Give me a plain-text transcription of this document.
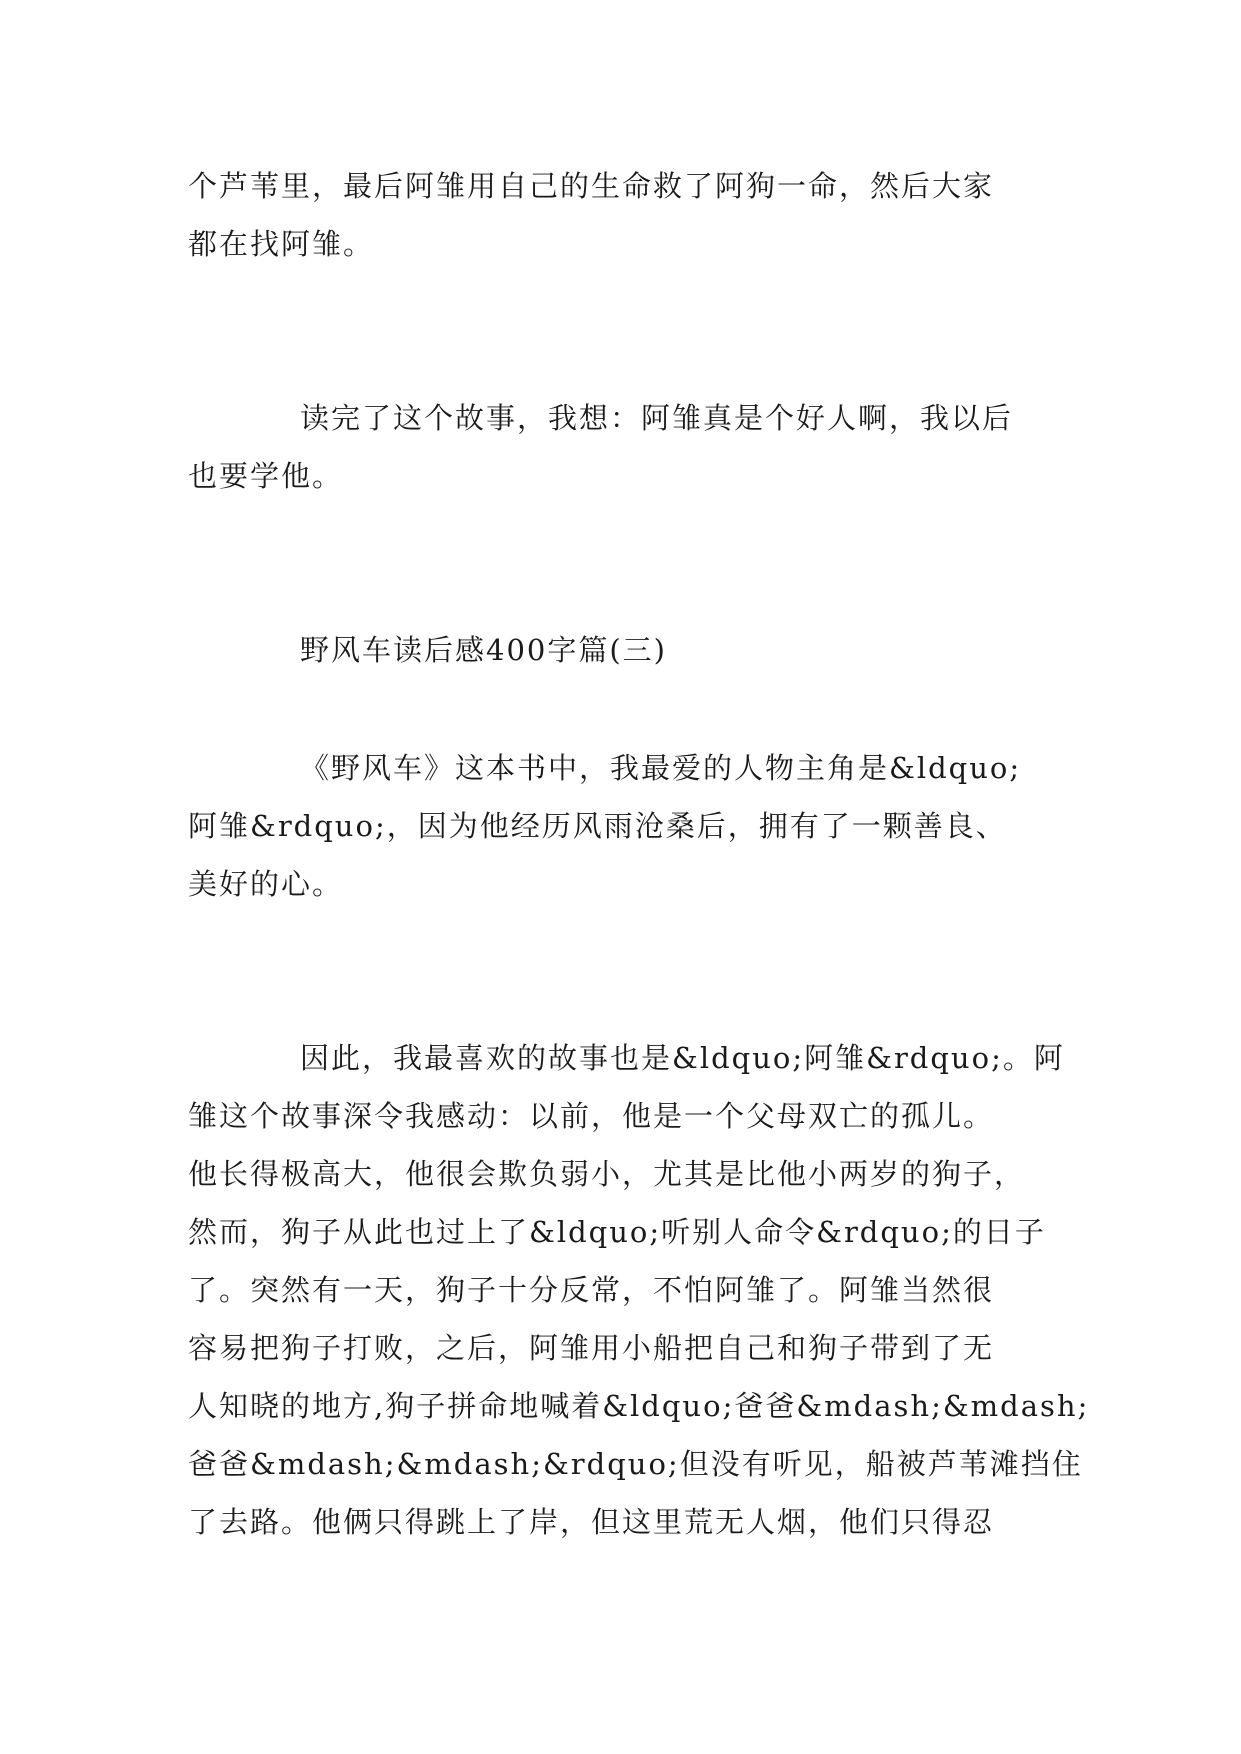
个芦苇里，最后阿雏用自己的生命救了阿狗一命，然后大家
都在找阿雏。
读完了这个故事，我想：阿雏真是个好人啊，我以后
也要学他。
野风车读后感400字篇(三)
《野风车》这本书中，我最爱的人物主角是&ldquo;
阿雏&rdquo;，因为他经历风雨沧桑后，拥有了一颗善良、
美好的心。
因此，我最喜欢的故事也是&ldquo;阿雏&rdquo;。阿
雏这个故事深令我感动：以前，他是一个父母双亡的孤儿。
他长得极高大，他很会欺负弱小，尤其是比他小两岁的狗子，
然而，狗子从此也过上了&ldquo;听别人命令&rdquo;的日子
了。突然有一天，狗子十分反常，不怕阿雏了。阿雏当然很
容易把狗子打败，之后，阿雏用小船把自己和狗子带到了无
人知晓的地方,狗子拼命地喊着&ldquo;爸爸&mdash;&mdash;
爸爸&mdash;&mdash;&rdquo;但没有听见，船被芦苇滩挡住
了去路。他俩只得跳上了岸，但这里荒无人烟，他们只得忍
